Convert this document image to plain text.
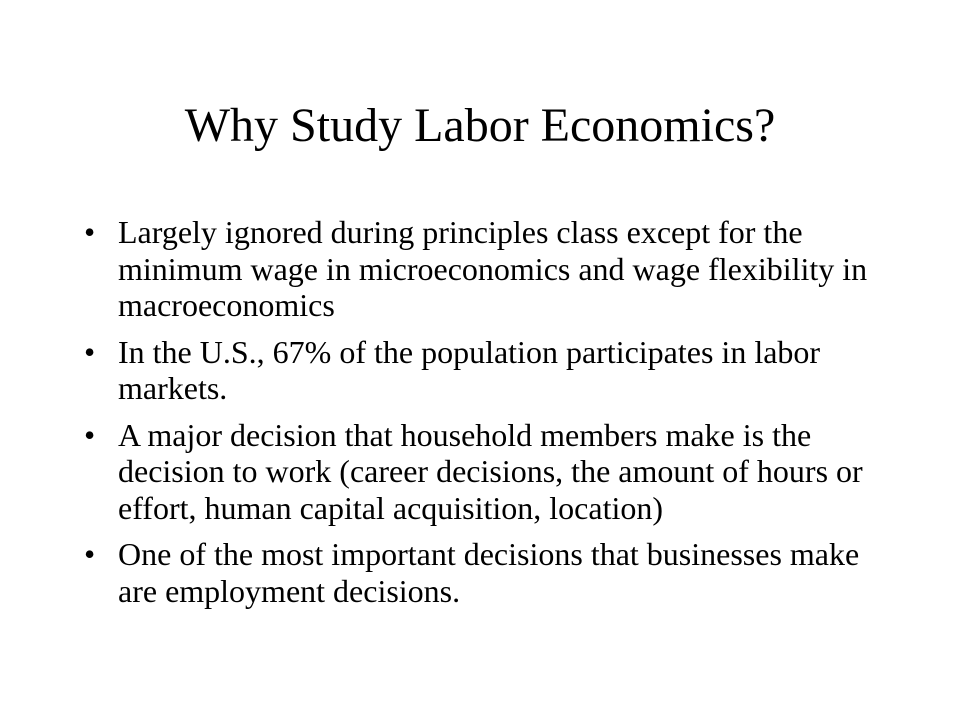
Why Study Labor Economics?
• Largely ignored during principles class except for the minimum wage in microeconomics and wage flexibility in macroeconomics
• In the U.S., 67% of the population participates in labor markets.
• A major decision that household members make is the decision to work (career decisions, the amount of hours or effort, human capital acquisition, location)
• One of the most important decisions that businesses make are employment decisions.
